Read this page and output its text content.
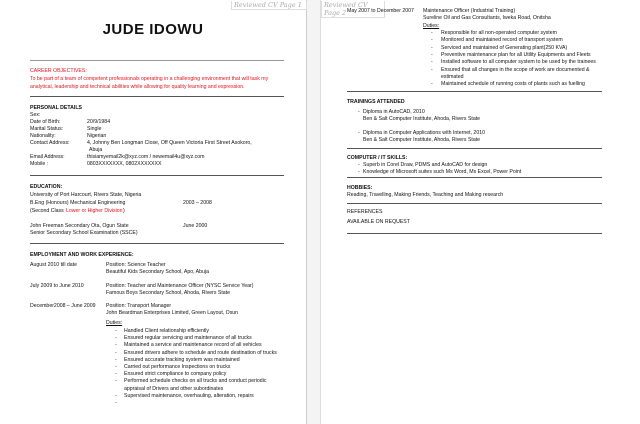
Reviewed CV Page 1	Reviewed CV Page 2
JUDE IDOWU
CAREER OBJECTIVES:
To be part of a team of competent professionals operating in a challenging environment that will task my
analytical, leadership and technical abilities while allowing for quality learning and expression.
PERSONAL DETAILS
Sex:
Date of Birth:	20/9/1984
Marital Status:	Single
Nationality:	Nigerian
Contact Address:	4, Johnny Ben Longman Close, Off Queen Victoria First Street Asokoro,
Abuja
Email Address:	thisiamyemail2k@xyz.com / newemail4u@xyz.com
Mobile :	0803XXXXXXX, 0802XXXXXXX
EDUCATION:
University of Port Harcourt, Rivers State, Nigeria
B.Eng (Honours) Mechanical Engineering	2003 – 2008
(Second Class Lower or Higher Division )
John Freeman Secondary Ota, Ogun State	June 2000
Senior Secondary School Examination (SSCE)
EMPLOYMENT AND WORK EXPERIENCE:
August 2010 till date	Position: Science Teacher
Beautiful Kids Secondary School, Apo, Abuja
July 2009 to June 2010	Position: Teacher and Maintenance Officer (NYSC Service Year)
Famous Boys Secondary School, Ahoda, Rivers State
December2008 – June 2009 Position: Transport Manager
John Beardman Enterprises Limited, Green Layout, Osun
Duties:
- Handled Client relationship efficiently
- Ensured regular servicing and maintenance of all trucks
- Maintained a service and maintenance record of all vehicles
- Ensured drivers adhere to schedule and route destination of trucks
- Ensured accurate tracking system was maintained
- Carried out performance Inspections on trucks
- Ensured strict compliance to company policy
- Performed schedule checks on all trucks and conduct periodic
appraisal of Drivers and other subordinates
- Supervised maintenance, overhauling, alteration, repairs
-
May 2007 to December 2007 Maintenance Officer (Industrial Training)
Sureline Oil and Gas Consultants, Iweka Road, Onitsha
Duties:
- Responsible for all non-operated computer system
- Monitored and maintained record of transport system
- Serviced and maintained of Generating plant(250 KVA)
- Preventive maintenance plan for all Utility Equipments and Fleets
- Installed software to all computer system to be used by the trainees
- Ensured that all changes in the scope of work are documented &
estimated
- Maintained schedule of running costs of plants such as fuelling
TRAININGS ATTENDED
- Diploma in AutoCAD, 2010
Ben & Salt Computer Institute, Ahoda, Rivers State
- Diploma in Computer Applications with Internet, 2010
Ben & Salt Computer Institute, Ahoda, Rivers State
COMPUTER / IT SKILLS:
- Superb in Corel Draw, PDMS and AutoCAD for design
- Knowledge of Microsoft suites such Ms Word, Ms Excel, Power Point
HOBBIES:
Reading, Travelling, Making Friends, Teaching and Making research
REFERENCES
AVAILABLE ON REQUEST
